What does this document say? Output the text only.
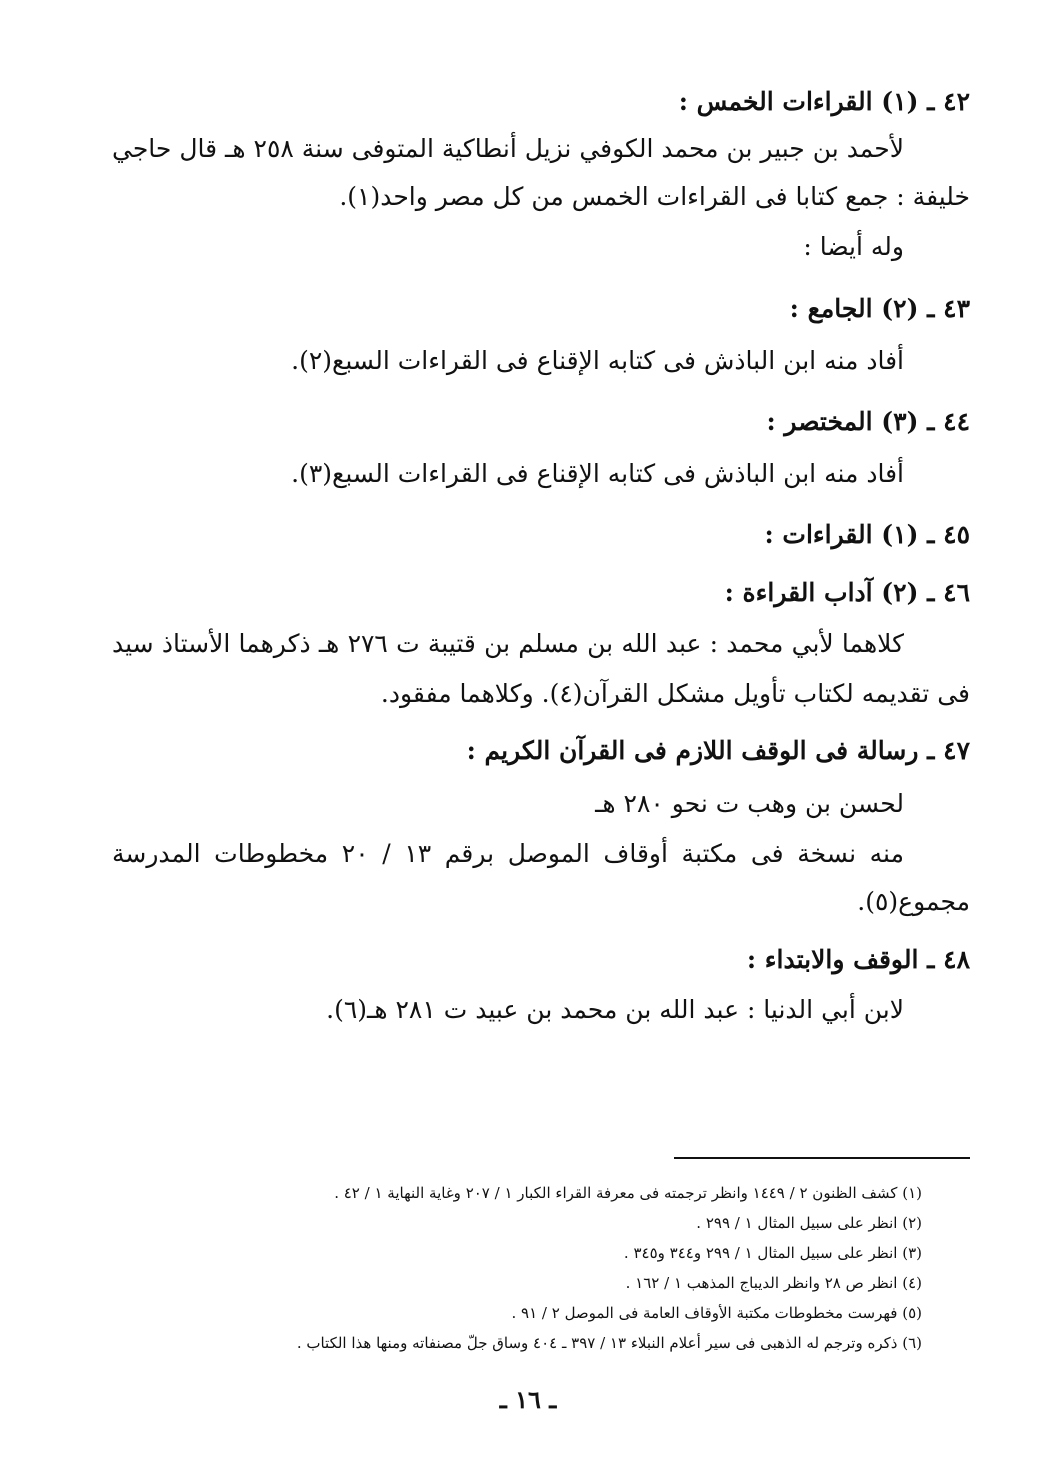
٤٢ ـ (١) القراءات الخمس :
لأحمد بن جبير بن محمد الكوفي نزيل أنطاكية المتوفى سنة ٢٥٨ هـ قال حاجي
خليفة : جمع كتابا فى القراءات الخمس من كل مصر واحد(١).
وله أيضا :
٤٣ ـ (٢) الجامع :
أفاد منه ابن الباذش فى كتابه الإقناع فى القراءات السبع(٢).
٤٤ ـ (٣) المختصر :
أفاد منه ابن الباذش فى كتابه الإقناع فى القراءات السبع(٣).
٤٥ ـ (١) القراءات :
٤٦ ـ (٢) آداب القراءة :
كلاهما لأبي محمد : عبد الله بن مسلم بن قتيبة ت ٢٧٦ هـ ذكرهما الأستاذ سيد
فى تقديمه لكتاب تأويل مشكل القرآن(٤). وكلاهما مفقود.
٤٧ ـ رسالة فى الوقف اللازم فى القرآن الكريم :
لحسن بن وهب ت نحو ٢٨٠ هـ
منه نسخة فى مكتبة أوقاف الموصل برقم ١٣ / ٢٠ مخطوطات المدرسة
مجموع(٥).
٤٨ ـ الوقف والابتداء :
لابن أبي الدنيا : عبد الله بن محمد بن عبيد ت ٢٨١ هـ(٦).
(١) كشف الظنون ٢ / ١٤٤٩ وانظر ترجمته فى معرفة القراء الكبار ١ / ٢٠٧ وغاية النهاية ١ / ٤٢ .
(٢) انظر على سبيل المثال ١ / ٢٩٩ .
(٣) انظر على سبيل المثال ١ / ٢٩٩ و٣٤٤ و٣٤٥ .
(٤) انظر ص ٢٨ وانظر الديباج المذهب ١ / ١٦٢ .
(٥) فهرست مخطوطات مكتبة الأوقاف العامة فى الموصل ٢ / ٩١ .
(٦) ذكره وترجم له الذهبى فى سير أعلام النبلاء ١٣ / ٣٩٧ ـ ٤٠٤ وساق جلّ مصنفاته ومنها هذا الكتاب .
ـ ١٦ ـ
